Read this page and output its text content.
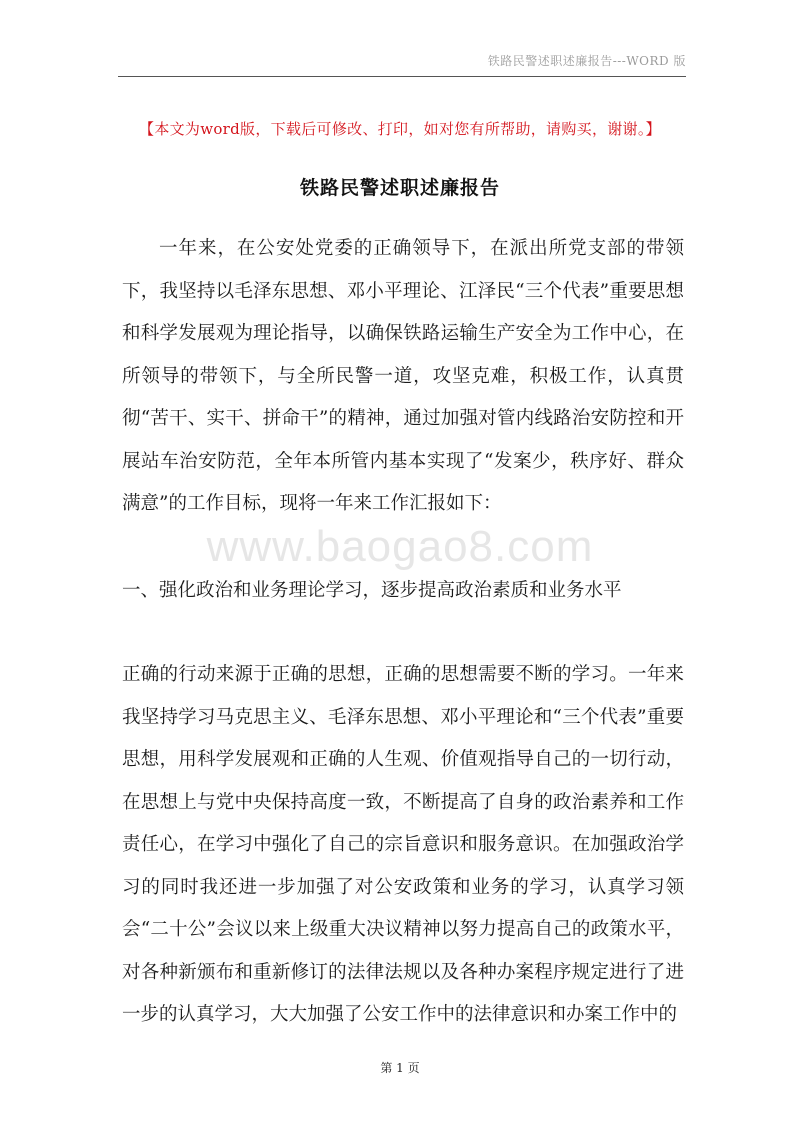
铁路民警述职述廉报告---WORD 版
【本文为word版，下载后可修改、打印，如对您有所帮助，请购买，谢谢。】
铁路民警述职述廉报告
一年来，在公安处党委的正确领导下，在派出所党支部的带领下，我坚持以毛泽东思想、邓小平理论、江泽民“三个代表”重要思想和科学发展观为理论指导，以确保铁路运输生产安全为工作中心，在所领导的带领下，与全所民警一道，攻坚克难，积极工作，认真贯彻“苦干、实干、拼命干”的精神，通过加强对管内线路治安防控和开展站车治安防范，全年本所管内基本实现了“发案少，秩序好、群众满意”的工作目标，现将一年来工作汇报如下：
www.baogao8.com
一、强化政治和业务理论学习，逐步提高政治素质和业务水平
正确的行动来源于正确的思想，正确的思想需要不断的学习。一年来我坚持学习马克思主义、毛泽东思想、邓小平理论和“三个代表”重要思想，用科学发展观和正确的人生观、价值观指导自己的一切行动，在思想上与党中央保持高度一致，不断提高了自身的政治素养和工作责任心，在学习中强化了自己的宗旨意识和服务意识。在加强政治学习的同时我还进一步加强了对公安政策和业务的学习，认真学习领会“二十公”会议以来上级重大决议精神以努力提高自己的政策水平，对各种新颁布和重新修订的法律法规以及各种办案程序规定进行了进一步的认真学习，大大加强了公安工作中的法律意识和办案工作中的
第 1 页
